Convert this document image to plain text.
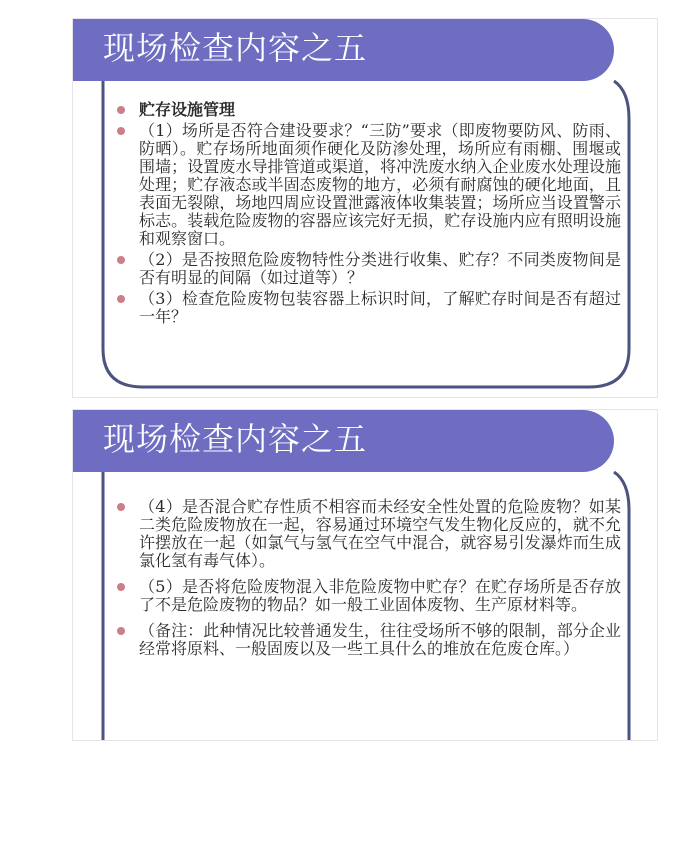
现场检查内容之五
贮存设施管理
（1）场所是否符合建设要求？“三防”要求（即废物要防风、防雨、防晒）。贮存场所地面须作硬化及防渗处理，场所应有雨棚、围堰或围墙；设置废水导排管道或渠道，将冲洗废水纳入企业废水处理设施处理；贮存液态或半固态废物的地方，必须有耐腐蚀的硬化地面，且表面无裂隙，场地四周应设置泄露液体收集装置；场所应当设置警示标志。装载危险废物的容器应该完好无损，贮存设施内应有照明设施和观察窗口。
（2）是否按照危险废物特性分类进行收集、贮存？不同类废物间是否有明显的间隔（如过道等）？
（3）检查危险废物包装容器上标识时间，了解贮存时间是否有超过一年？
现场检查内容之五
（4）是否混合贮存性质不相容而未经安全性处置的危险废物？如某二类危险废物放在一起，容易通过环境空气发生物化反应的，就不允许摆放在一起（如氯气与氢气在空气中混合，就容易引发瀑炸而生成氯化氢有毒气体）。
（5）是否将危险废物混入非危险废物中贮存？在贮存场所是否存放了不是危险废物的物品？如一般工业固体废物、生产原材料等。
（备注：此种情况比较普通发生，往往受场所不够的限制，部分企业经常将原料、一般固废以及一些工具什么的堆放在危废仓库。）
